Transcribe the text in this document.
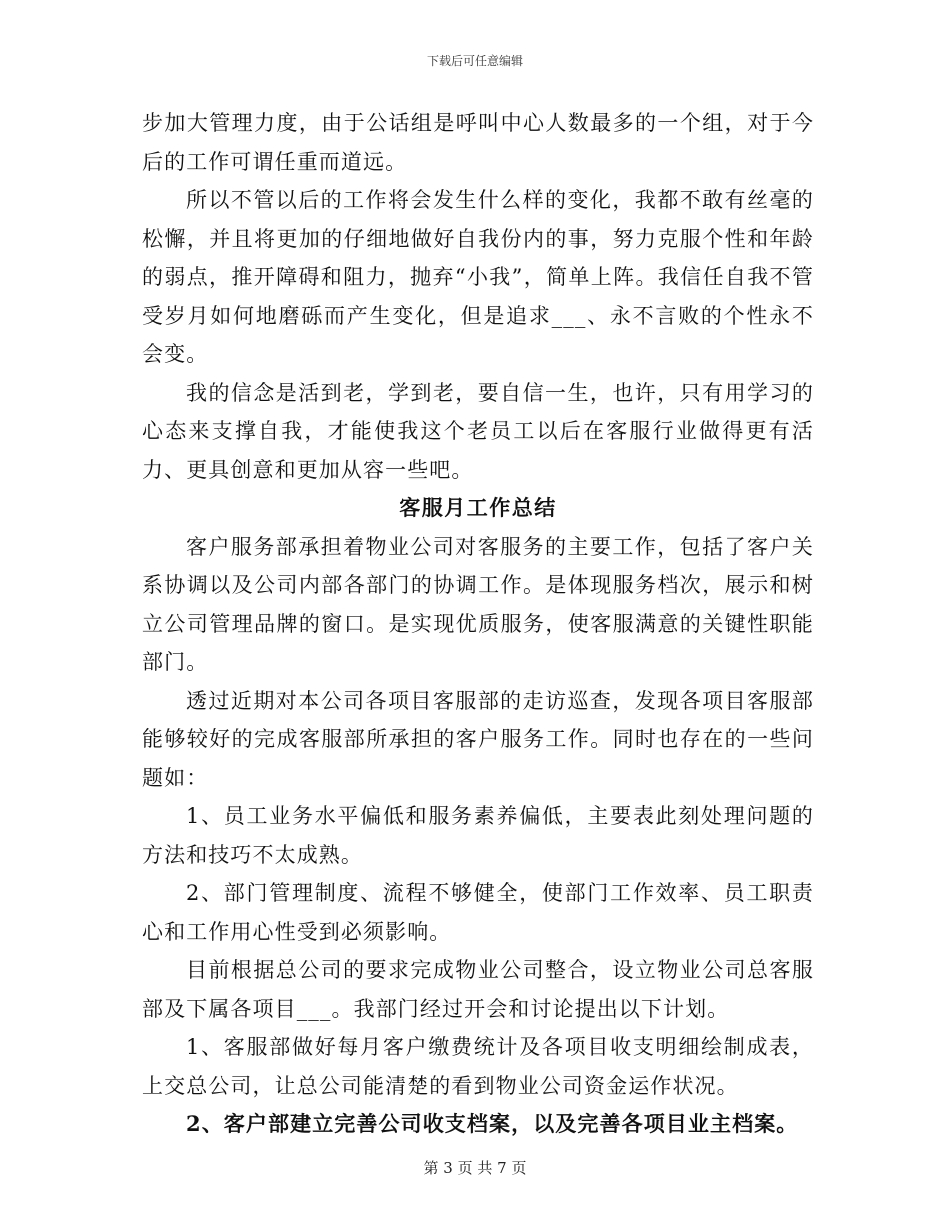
下载后可任意编辑

步加大管理力度，由于公话组是呼叫中心人数最多的一个组，对于今后的工作可谓任重而道远。

所以不管以后的工作将会发生什么样的变化，我都不敢有丝毫的松懈，并且将更加的仔细地做好自我份内的事，努力克服个性和年龄的弱点，推开障碍和阻力，抛弃“小我”，简单上阵。我信任自我不管受岁月如何地磨砾而产生变化，但是追求___、永不言败的个性永不会变。

我的信念是活到老，学到老，要自信一生，也许，只有用学习的心态来支撑自我，才能使我这个老员工以后在客服行业做得更有活力、更具创意和更加从容一些吧。

客服月工作总结

客户服务部承担着物业公司对客服务的主要工作，包括了客户关系协调以及公司内部各部门的协调工作。是体现服务档次，展示和树立公司管理品牌的窗口。是实现优质服务，使客服满意的关键性职能部门。

透过近期对本公司各项目客服部的走访巡查，发现各项目客服部能够较好的完成客服部所承担的客户服务工作。同时也存在的一些问题如：

1、员工业务水平偏低和服务素养偏低，主要表此刻处理问题的方法和技巧不太成熟。

2、部门管理制度、流程不够健全，使部门工作效率、员工职责心和工作用心性受到必须影响。

目前根据总公司的要求完成物业公司整合，设立物业公司总客服部及下属各项目___。我部门经过开会和讨论提出以下计划。

1、客服部做好每月客户缴费统计及各项目收支明细绘制成表，上交总公司，让总公司能清楚的看到物业公司资金运作状况。

2、客户部建立完善公司收支档案，以及完善各项目业主档案。

第 3 页 共 7 页
